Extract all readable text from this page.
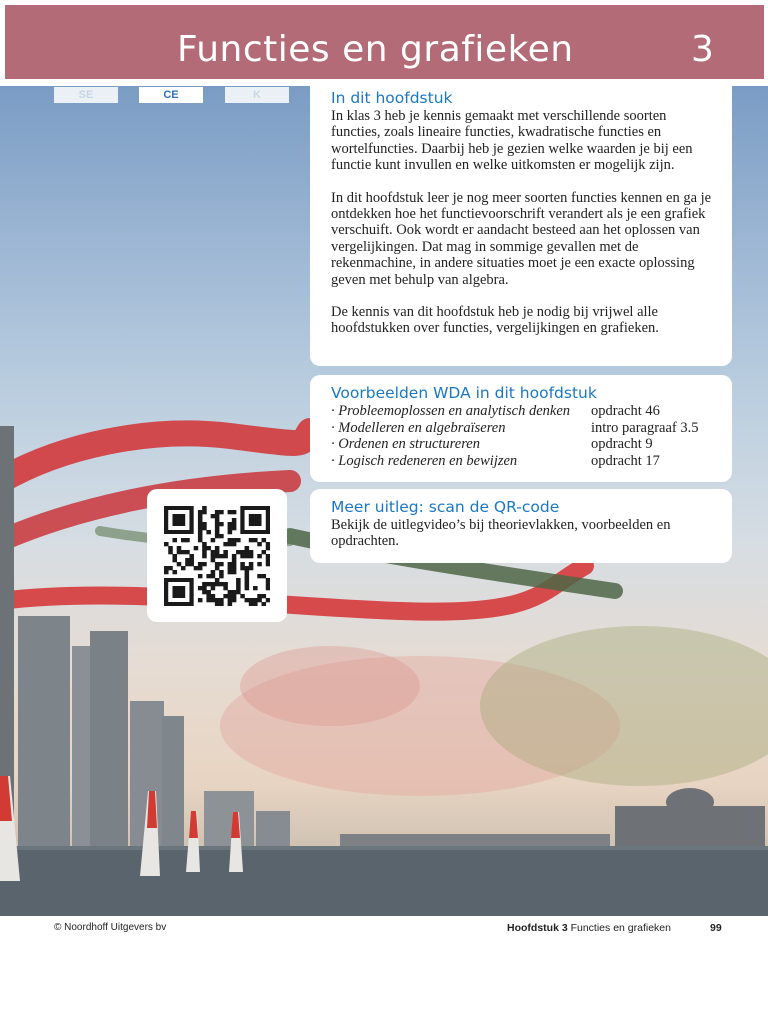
Functies en grafieken	3
SE	CE	K	In dit hoofdstuk

In klas 3 heb je kennis gemaakt met verschillende soorten functies, zoals lineaire functies, kwadratische functies en wortelfuncties. Daarbij heb je gezien welke waarden je bij een functie kunt invullen en welke uitkomsten er mogelijk zijn.

In dit hoofdstuk leer je nog meer soorten functies kennen en ga je ontdekken hoe het functievoorschrift verandert als je een grafiek verschuift. Ook wordt er aandacht besteed aan het oplossen van vergelijkingen. Dat mag in sommige gevallen met de rekenmachine, in andere situaties moet je een exacte oplossing geven met behulp van algebra.

De kennis van dit hoofdstuk heb je nodig bij vrijwel alle hoofdstukken over functies, vergelijkingen en grafieken.

Voorbeelden WDA in dit hoofdstuk
· Probleemoplossen en analytisch denken opdracht 46
· Modelleren en algebraïseren	intro paragraaf 3.5
· Ordenen en structureren	opdracht 9
· Logisch redeneren en bewijzen	opdracht 17
Meer uitleg: scan de QR-code

Bekijk de uitlegvideo’s bij theorievlakken, voorbeelden en opdrachten.

© Noordhoff Uitgevers bv	Hoofdstuk 3 Functies en grafieken	99
